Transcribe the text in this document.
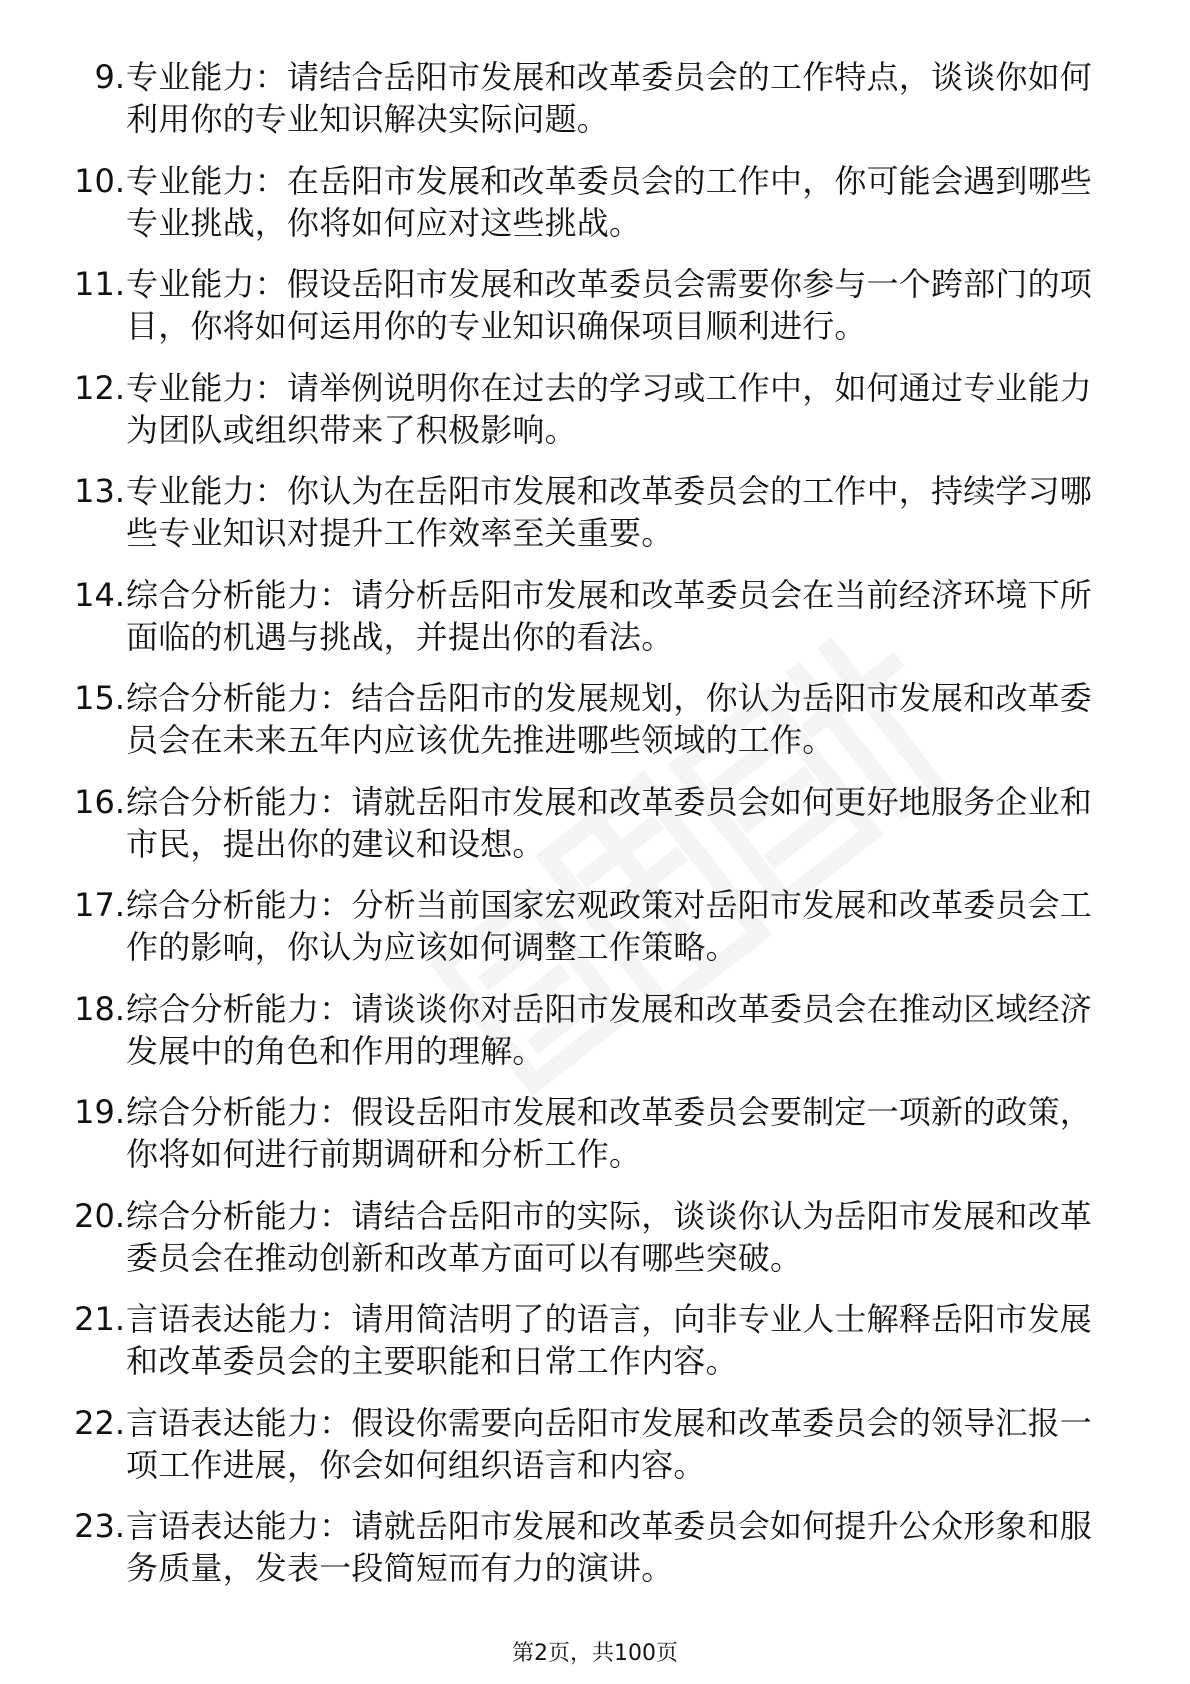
9. 专业能力：请结合岳阳市发展和改革委员会的工作特点，谈谈你如何利用你的专业知识解决实际问题。
10. 专业能力：在岳阳市发展和改革委员会的工作中，你可能会遇到哪些专业挑战，你将如何应对这些挑战。
11. 专业能力：假设岳阳市发展和改革委员会需要你参与一个跨部门的项目，你将如何运用你的专业知识确保项目顺利进行。
12. 专业能力：请举例说明你在过去的学习或工作中，如何通过专业能力为团队或组织带来了积极影响。
13. 专业能力：你认为在岳阳市发展和改革委员会的工作中，持续学习哪些专业知识对提升工作效率至关重要。
14. 综合分析能力：请分析岳阳市发展和改革委员会在当前经济环境下所面临的机遇与挑战，并提出你的看法。
15. 综合分析能力：结合岳阳市的发展规划，你认为岳阳市发展和改革委员会在未来五年内应该优先推进哪些领域的工作。
16. 综合分析能力：请就岳阳市发展和改革委员会如何更好地服务企业和市民，提出你的建议和设想。
17. 综合分析能力：分析当前国家宏观政策对岳阳市发展和改革委员会工作的影响，你认为应该如何调整工作策略。
18. 综合分析能力：请谈谈你对岳阳市发展和改革委员会在推动区域经济发展中的角色和作用的理解。
19. 综合分析能力：假设岳阳市发展和改革委员会要制定一项新的政策，你将如何进行前期调研和分析工作。
20. 综合分析能力：请结合岳阳市的实际，谈谈你认为岳阳市发展和改革委员会在推动创新和改革方面可以有哪些突破。
21. 言语表达能力：请用简洁明了的语言，向非专业人士解释岳阳市发展和改革委员会的主要职能和日常工作内容。
22. 言语表达能力：假设你需要向岳阳市发展和改革委员会的领导汇报一项工作进展，你会如何组织语言和内容。
23. 言语表达能力：请就岳阳市发展和改革委员会如何提升公众形象和服务质量，发表一段简短而有力的演讲。
第2页，共100页
